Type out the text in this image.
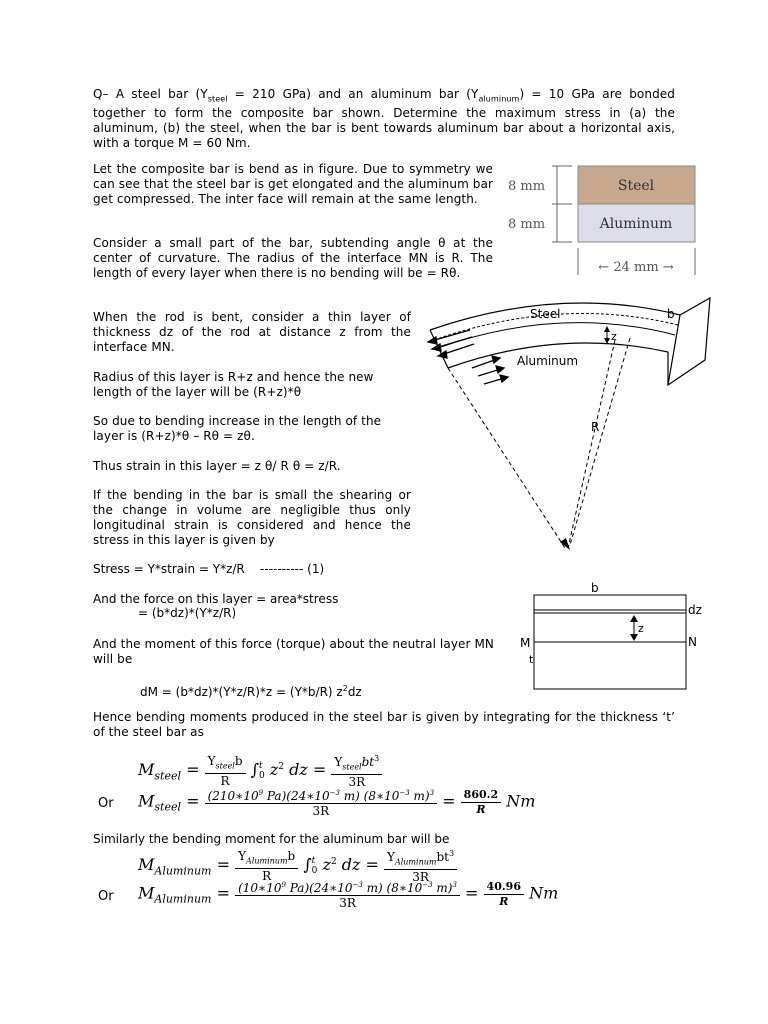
Q– A steel bar ($Y_{steel} = 210$ GPa) and an aluminum bar $(Y_{aluminum}) = 10$ GPa are bonded together to form the composite bar shown. Determine the maximum stress in (a) the aluminum, (b) the steel, when the bar is bent towards aluminum bar about a horizontal axis, with a torque M = 60 Nm.
Let the composite bar is bend as in figure. Due to symmetry we can see that the steel bar is get elongated and the aluminum bar get compressed. The inter face will remain at the same length.
Consider a small part of the bar, subtending angle θ at the center of curvature. The radius of the interface MN is R. The length of every layer when there is no bending will be = Rθ.
When the rod is bent, consider a thin layer of thickness dz of the rod at distance z from the interface MN.
Radius of this layer is R+z and hence the new length of the layer will be (R+z)*θ
So due to bending increase in the length of the layer is (R+z)*θ – Rθ = zθ.
Thus strain in this layer = z θ/ R θ = z/R.
If the bending in the bar is small the shearing or the change in volume are negligible thus only longitudinal strain is considered and hence the stress in this layer is given by
Stress = Y*strain = Y*z/R    ---------- (1)
And the force on this layer = area*stress
= (b*dz)*(Y*z/R)
And the moment of this force (torque) about the neutral layer MN will be
dM = (b*dz)*(Y*z/R)*z = (Y*b/R) $z^2dz$
Hence bending moments produced in the steel bar is given by integrating for the thickness ‘t’ of the steel bar as
$M_{steel} = \frac{Y_{steel}b}{R}$ ∫ t
0 $z^2$ dz = $\frac{Y_{steel}bt^3}{3R}$
Or $M_{steel} = \frac{(210∗10^9 Pa)(24∗10^{-3} m) (8∗10^{-3} m)^3}{3R} = \frac{860.2}{R}$ Nm
Similarly the bending moment for the aluminum bar will be
$M_{Aluminum} = \frac{Y_{Aluminum}b}{R}$ ∫ t
0 $z^2$ dz = $\frac{Y_{Aluminum}bt^3}{3R}$
Or $M_{Aluminum} = \frac{(10∗10^9 Pa)(24∗10^{-3} m) (8∗10^{-3} m)^3}{3R} = \frac{40.96}{R}$ Nm
Steel
Aluminum
8 mm
8 mm
← 24 mm →
Steel
Aluminum
b
z
R
b
dz
z
M	N
t
